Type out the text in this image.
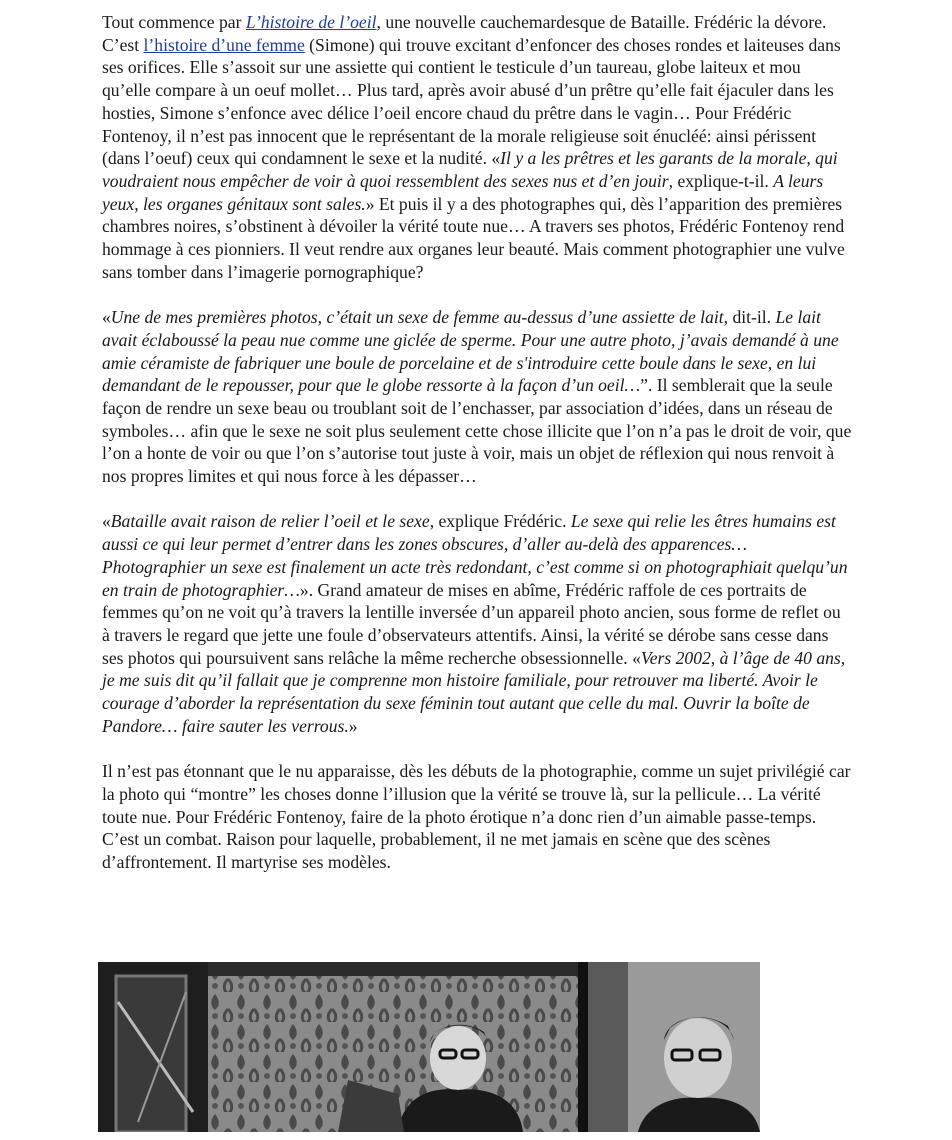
Tout commence par L’histoire de l’oeil, une nouvelle cauchemardesque de Bataille. Frédéric la dévore. C’est l’histoire d’une femme (Simone) qui trouve excitant d’enfoncer des choses rondes et laiteuses dans ses orifices. Elle s’assoit sur une assiette qui contient le testicule d’un taureau, globe laiteux et mou qu’elle compare à un oeuf mollet… Plus tard, après avoir abusé d’un prêtre qu’elle fait éjaculer dans les hosties, Simone s’enfonce avec délice l’oeil encore chaud du prêtre dans le vagin… Pour Frédéric Fontenoy, il n’est pas innocent que le représentant de la morale religieuse soit énucléé: ainsi périssent (dans l’oeuf) ceux qui condamnent le sexe et la nudité. «Il y a les prêtres et les garants de la morale, qui voudraient nous empêcher de voir à quoi ressemblent des sexes nus et d’en jouir, explique-t-il. A leurs yeux, les organes génitaux sont sales.» Et puis il y a des photographes qui, dès l’apparition des premières chambres noires, s’obstinent à dévoiler la vérité toute nue… A travers ses photos, Frédéric Fontenoy rend hommage à ces pionniers. Il veut rendre aux organes leur beauté. Mais comment photographier une vulve sans tomber dans l’imagerie pornographique?

«Une de mes premières photos, c’était un sexe de femme au-dessus d’une assiette de lait, dit-il. Le lait avait éclaboussé la peau nue comme une giclée de sperme. Pour une autre photo, j’avais demandé à une amie céramiste de fabriquer une boule de porcelaine et de s'introduire cette boule dans le sexe, en lui demandant de le repousser, pour que le globe ressorte à la façon d’un oeil…”. Il semblerait que la seule façon de rendre un sexe beau ou troublant soit de l’enchasser, par association d’idées, dans un réseau de symboles… afin que le sexe ne soit plus seulement cette chose illicite que l’on n’a pas le droit de voir, que l’on a honte de voir ou que l’on s’autorise tout juste à voir, mais un objet de réflexion qui nous renvoit à nos propres limites et qui nous force à les dépasser…

«Bataille avait raison de relier l’oeil et le sexe, explique Frédéric. Le sexe qui relie les êtres humains est aussi ce qui leur permet d’entrer dans les zones obscures, d’aller au-delà des apparences… Photographier un sexe est finalement un acte très redondant, c’est comme si on photographiait quelqu’un en train de photographier…». Grand amateur de mises en abîme, Frédéric raffole de ces portraits de femmes qu’on ne voit qu’à travers la lentille inversée d’un appareil photo ancien, sous forme de reflet ou à travers le regard que jette une foule d’observateurs attentifs. Ainsi, la vérité se dérobe sans cesse dans ses photos qui poursuivent sans relâche la même recherche obsessionnelle. «Vers 2002, à l’âge de 40 ans, je me suis dit qu’il fallait que je comprenne mon histoire familiale, pour retrouver ma liberté. Avoir le courage d’aborder la représentation du sexe féminin tout autant que celle du mal. Ouvrir la boîte de Pandore… faire sauter les verrous.»

Il n’est pas étonnant que le nu apparaisse, dès les débuts de la photographie, comme un sujet privilégié car la photo qui “montre” les choses donne l’illusion que la vérité se trouve là, sur la pellicule… La vérité toute nue. Pour Frédéric Fontenoy, faire de la photo érotique n’a donc rien d’un aimable passe-temps. C’est un combat. Raison pour laquelle, probablement, il ne met jamais en scène que des scènes d’affrontement. Il martyrise ses modèles.
